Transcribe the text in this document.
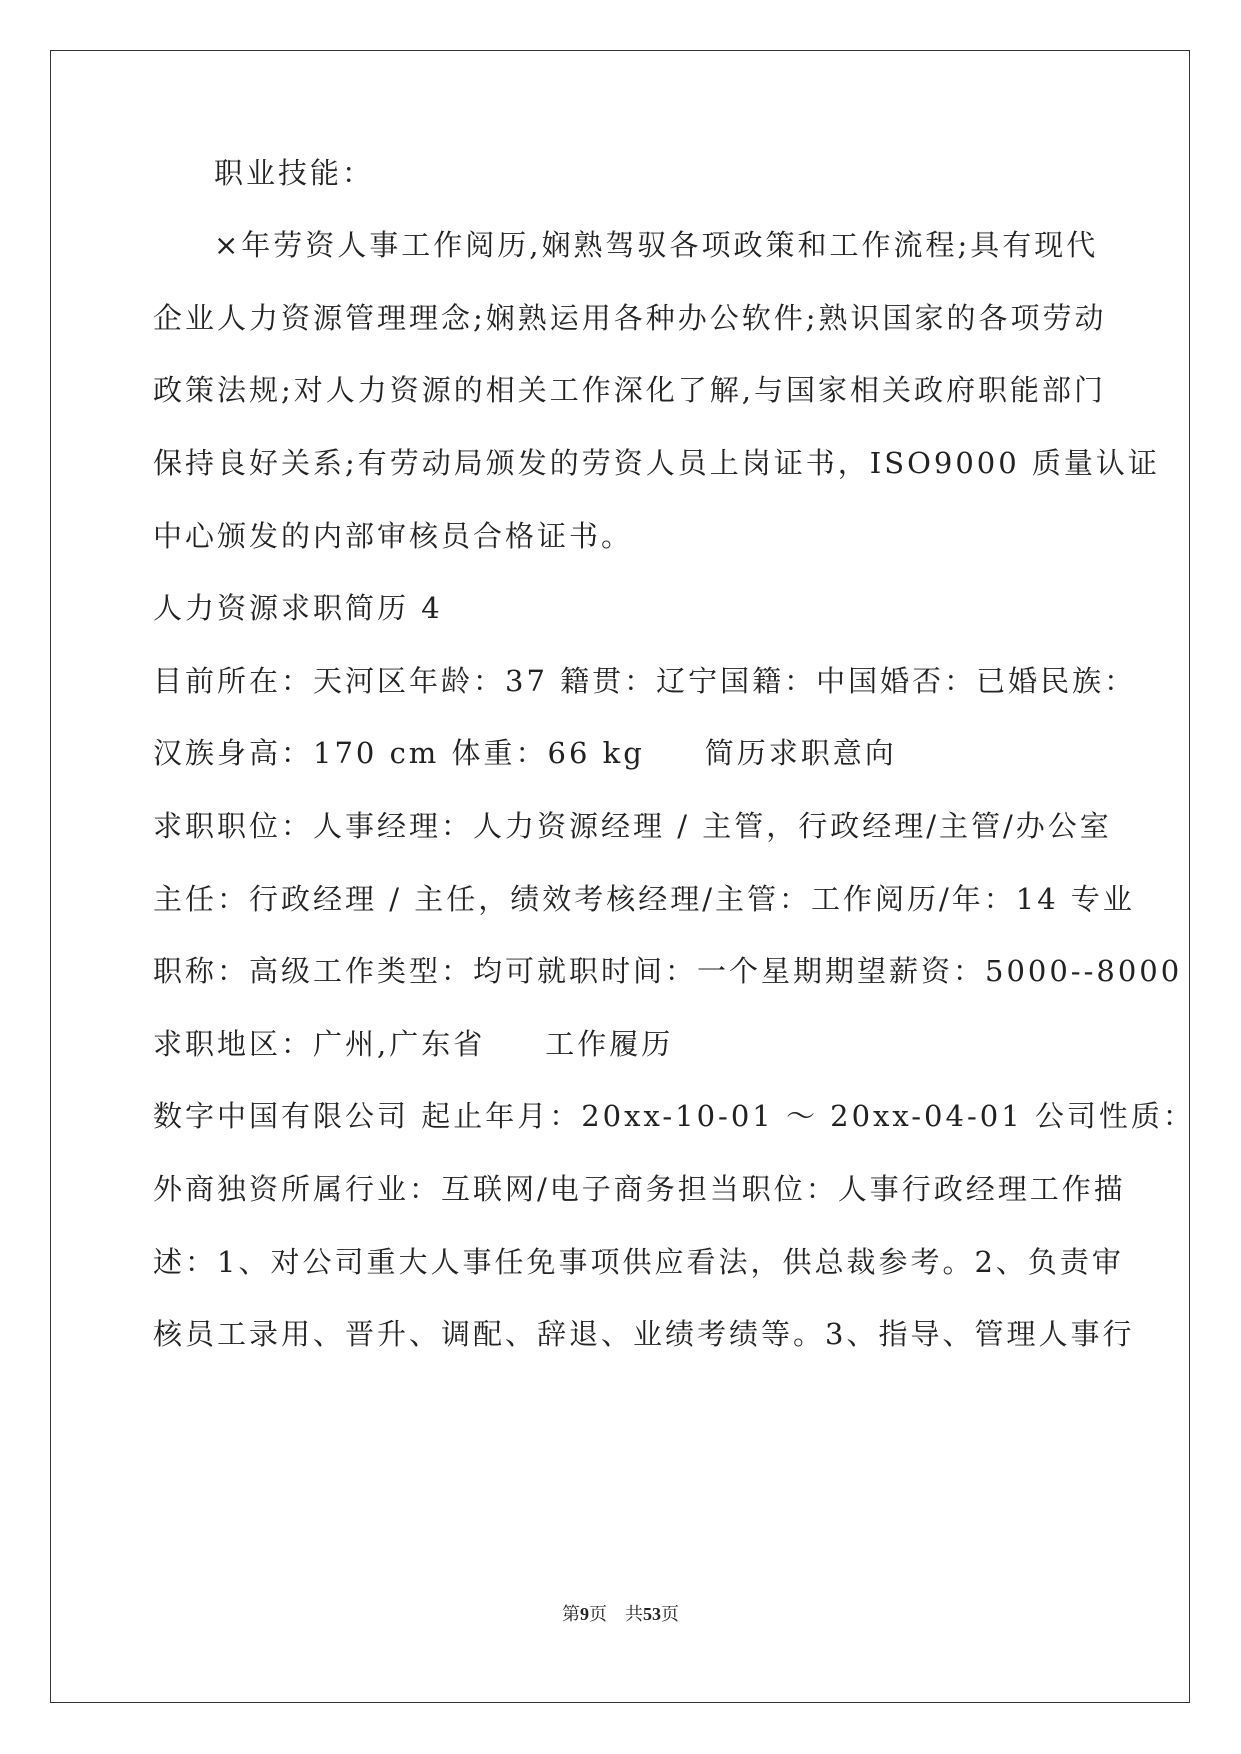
职业技能：
×年劳资人事工作阅历,娴熟驾驭各项政策和工作流程;具有现代
企业人力资源管理理念;娴熟运用各种办公软件;熟识国家的各项劳动
政策法规;对人力资源的相关工作深化了解,与国家相关政府职能部门
保持良好关系;有劳动局颁发的劳资人员上岗证书，ISO9000 质量认证
中心颁发的内部审核员合格证书。
人力资源求职简历 4
目前所在：天河区年龄：37 籍贯：辽宁国籍：中国婚否：已婚民族：
汉族身高：170 cm 体重：66 kg 简历求职意向
求职职位：人事经理：人力资源经理 / 主管，行政经理/主管/办公室
主任：行政经理 / 主任，绩效考核经理/主管：工作阅历/年：14 专业
职称：高级工作类型：均可就职时间：一个星期期望薪资：5000--8000
求职地区：广州,广东省 工作履历
数字中国有限公司 起止年月：20xx-10-01 ～ 20xx-04-01 公司性质：
外商独资所属行业：互联网/电子商务担当职位：人事行政经理工作描
述：1、对公司重大人事任免事项供应看法，供总裁参考。2、负责审
核员工录用、晋升、调配、辞退、业绩考绩等。3、指导、管理人事行
第9页　共53页
